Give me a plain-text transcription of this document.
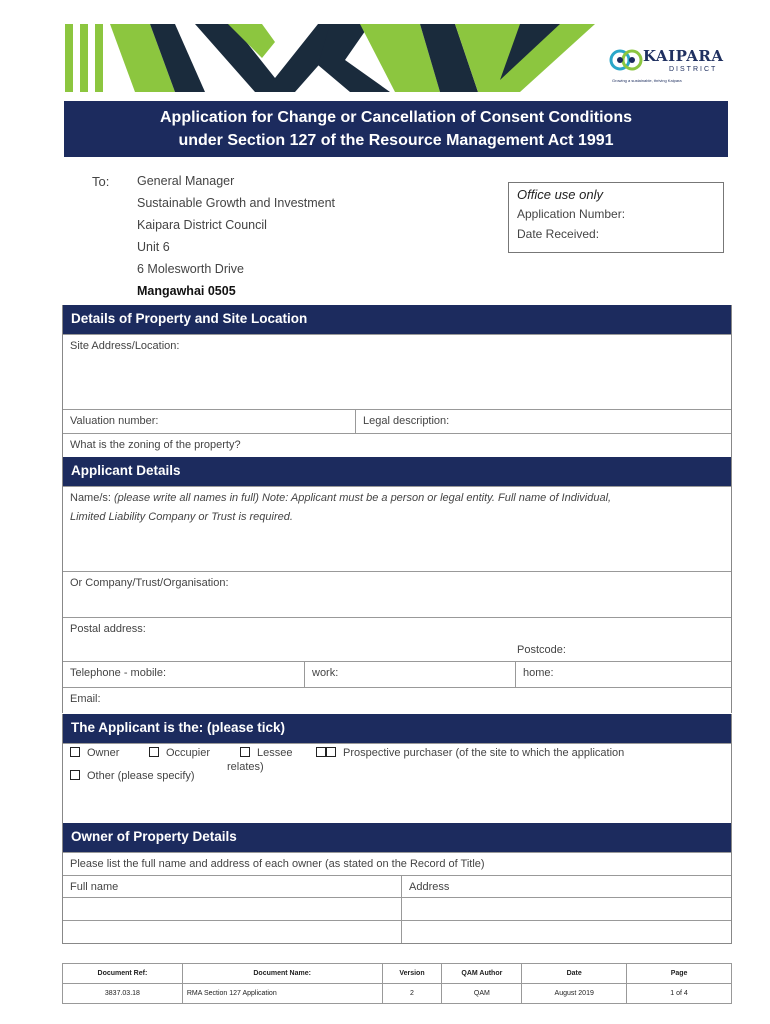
KAIPARA
DISTRICT
Growing a sustainable, thriving Kaipara
Application for Change or Cancellation of Consent Conditions
under Section 127 of the Resource Management Act 1991
To: General Manager
Sustainable Growth and Investment
Kaipara District Council
Unit 6
6 Molesworth Drive
Mangawhai 0505
Office use only
Application Number:
Date Received:
Details of Property and Site Location
Site Address/Location:
Valuation number:	Legal description:
What is the zoning of the property?
Applicant Details
Name/s: (please write all names in full) Note: Applicant must be a person or legal entity. Full name of Individual,
Limited Liability Company or Trust is required.
Or Company/Trust/Organisation:
Postal address:
Postcode:
Telephone - mobile:	work:	home:
Email:
The Applicant is the: (please tick)
Owner	Occupier	Lessee	Prospective purchaser (of the site to which the application
relates)
Other (please specify)
Owner of Property Details
Please list the full name and address of each owner (as stated on the Record of Title)
Full name	Address
Document Ref:	Document Name:	Version	QAM Author	Date	Page
3837.03.18	RMA Section 127 Application	2	QAM	August 2019	1 of 4
